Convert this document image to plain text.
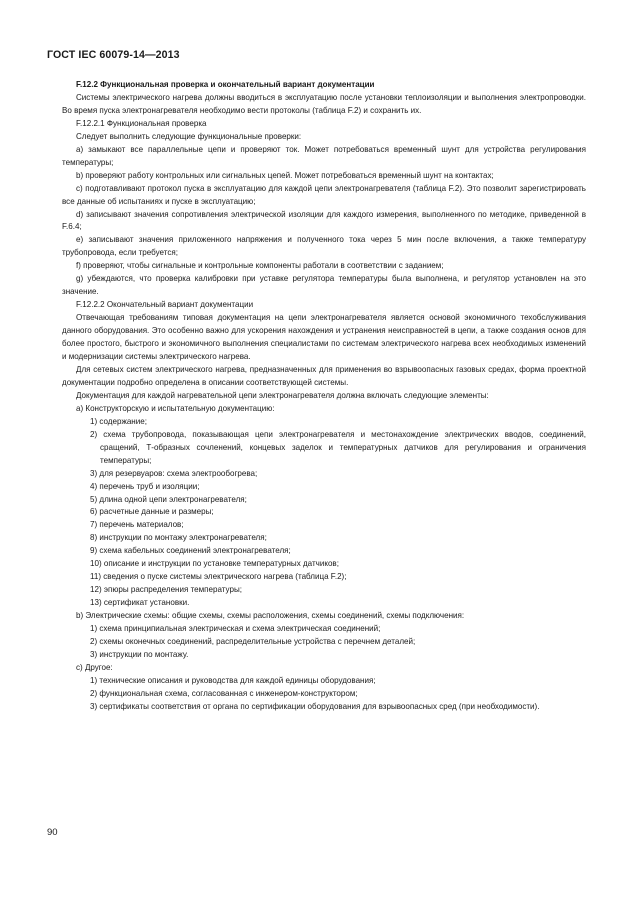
ГОСТ IEC 60079-14—2013

F.12.2 Функциональная проверка и окончательный вариант документации

Системы электрического нагрева должны вводиться в эксплуатацию после установки теплоизоляции и выполнения электропроводки. Во время пуска электронагревателя необходимо вести протоколы (таблица F.2) и сохранить их.

F.12.2.1 Функциональная проверка

Следует выполнить следующие функциональные проверки:

a) замыкают все параллельные цепи и проверяют ток. Может потребоваться временный шунт для устройства регулирования температуры;

b) проверяют работу контрольных или сигнальных цепей. Может потребоваться временный шунт на контактах;

c) подготавливают протокол пуска в эксплуатацию для каждой цепи электронагревателя (таблица F.2). Это позволит зарегистрировать все данные об испытаниях и пуске в эксплуатацию;

d) записывают значения сопротивления электрической изоляции для каждого измерения, выполненного по методике, приведенной в F.6.4;

e) записывают значения приложенного напряжения и полученного тока через 5 мин после включения, а также температуру трубопровода, если требуется;

f) проверяют, чтобы сигнальные и контрольные компоненты работали в соответствии с заданием;

g) убеждаются, что проверка калибровки при уставке регулятора температуры была выполнена, и регулятор установлен на это значение.

F.12.2.2 Окончательный вариант документации

Отвечающая требованиям типовая документация на цепи электронагревателя является основой экономичного техобслуживания данного оборудования. Это особенно важно для ускорения нахождения и устранения неисправностей в цепи, а также создания основ для более простого, быстрого и экономичного выполнения специалистами по системам электрического нагрева всех необходимых изменений и модернизации системы электрического нагрева.

Для сетевых систем электрического нагрева, предназначенных для применения во взрывоопасных газовых средах, форма проектной документации подробно определена в описании соответствующей системы.

Документация для каждой нагревательной цепи электронагревателя должна включать следующие элементы:

a) Конструкторскую и испытательную документацию:

1) содержание;

2) схема трубопровода, показывающая цепи электронагревателя и местонахождение электрических вводов, соединений, сращений, Т-образных сочленений, концевых заделок и температурных датчиков для регулирования и ограничения температуры;

3) для резервуаров: схема электрообогрева;

4) перечень труб и изоляции;

5) длина одной цепи электронагревателя;

6) расчетные данные и размеры;

7) перечень материалов;

8) инструкции по монтажу электронагревателя;

9) схема кабельных соединений электронагревателя;

10) описание и инструкции по установке температурных датчиков;

11) сведения о пуске системы электрического нагрева (таблица F.2);

12) эпюры распределения температуры;

13) сертификат установки.

b) Электрические схемы: общие схемы, схемы расположения, схемы соединений, схемы подключения:

1) схема принципиальная электрическая и схема электрическая соединений;

2) схемы оконечных соединений, распределительные устройства с перечнем деталей;

3) инструкции по монтажу.

c) Другое:

1) технические описания и руководства для каждой единицы оборудования;

2) функциональная схема, согласованная с инженером-конструктором;

3) сертификаты соответствия от органа по сертификации оборудования для взрывоопасных сред (при необходимости).

90
